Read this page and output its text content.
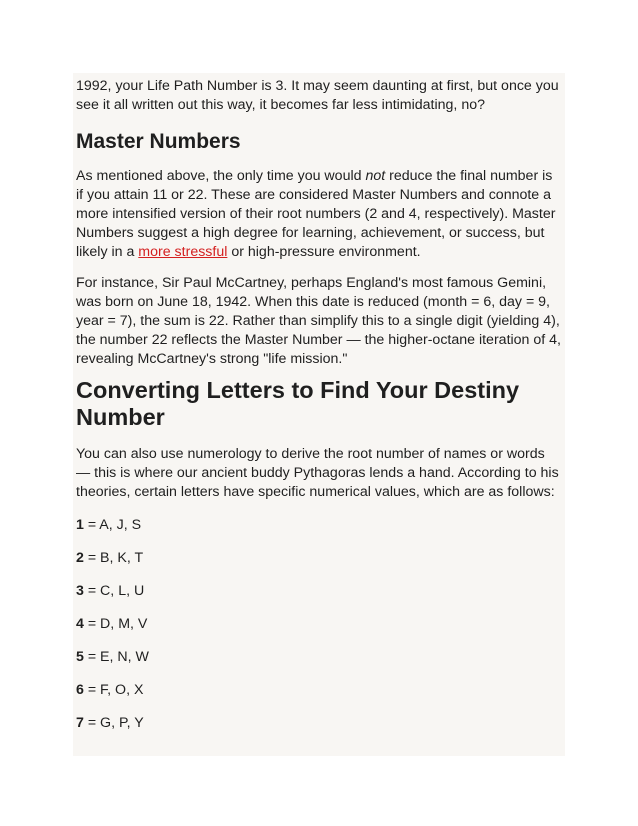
1992, your Life Path Number is 3. It may seem daunting at first, but once you see it all written out this way, it becomes far less intimidating, no?

Master Numbers

As mentioned above, the only time you would not reduce the final number is if you attain 11 or 22. These are considered Master Numbers and connote a more intensified version of their root numbers (2 and 4, respectively). Master Numbers suggest a high degree for learning, achievement, or success, but likely in a more stressful or high-pressure environment.

For instance, Sir Paul McCartney, perhaps England's most famous Gemini, was born on June 18, 1942. When this date is reduced (month = 6, day = 9, year = 7), the sum is 22. Rather than simplify this to a single digit (yielding 4), the number 22 reflects the Master Number — the higher-octane iteration of 4, revealing McCartney's strong "life mission."

Converting Letters to Find Your Destiny Number

You can also use numerology to derive the root number of names or words — this is where our ancient buddy Pythagoras lends a hand. According to his theories, certain letters have specific numerical values, which are as follows:

1 = A, J, S

2 = B, K, T

3 = C, L, U

4 = D, M, V

5 = E, N, W

6 = F, O, X

7 = G, P, Y
